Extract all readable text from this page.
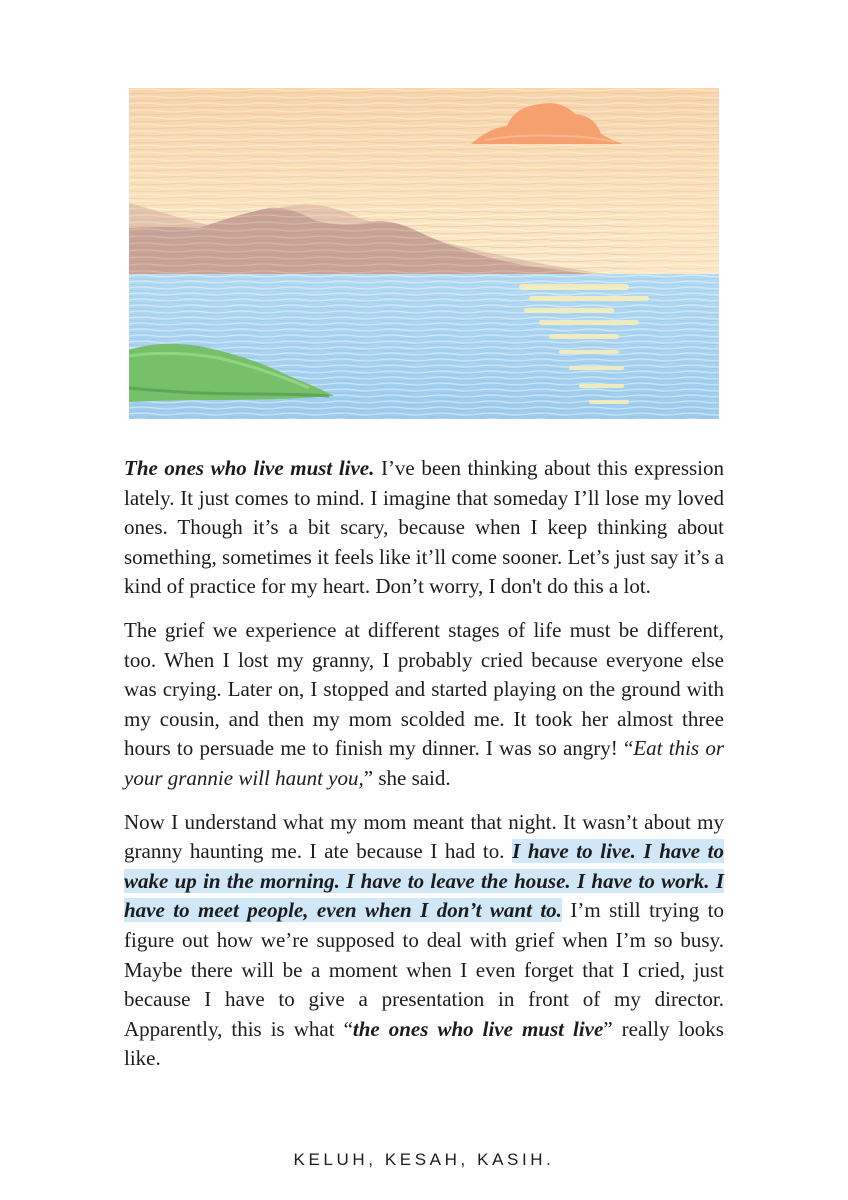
The ones who live must live. I’ve been thinking about this expression lately. It just comes to mind. I imagine that someday I’ll lose my loved ones. Though it’s a bit scary, because when I keep thinking about something, sometimes it feels like it’ll come sooner. Let’s just say it’s a kind of practice for my heart. Don’t worry, I don't do this a lot.

The grief we experience at different stages of life must be different, too. When I lost my granny, I probably cried because everyone else was crying. Later on, I stopped and started playing on the ground with my cousin, and then my mom scolded me. It took her almost three hours to persuade me to finish my dinner. I was so angry! “Eat this or your grannie will haunt you,” she said.

Now I understand what my mom meant that night. It wasn’t about my granny haunting me. I ate because I had to. I have to live. I have to wake up in the morning. I have to leave the house. I have to work. I have to meet people, even when I don’t want to. I’m still trying to figure out how we’re supposed to deal with grief when I’m so busy. Maybe there will be a moment when I even forget that I cried, just because I have to give a presentation in front of my director. Apparently, this is what “the ones who live must live” really looks like.

KELUH, KESAH, KASIH.
